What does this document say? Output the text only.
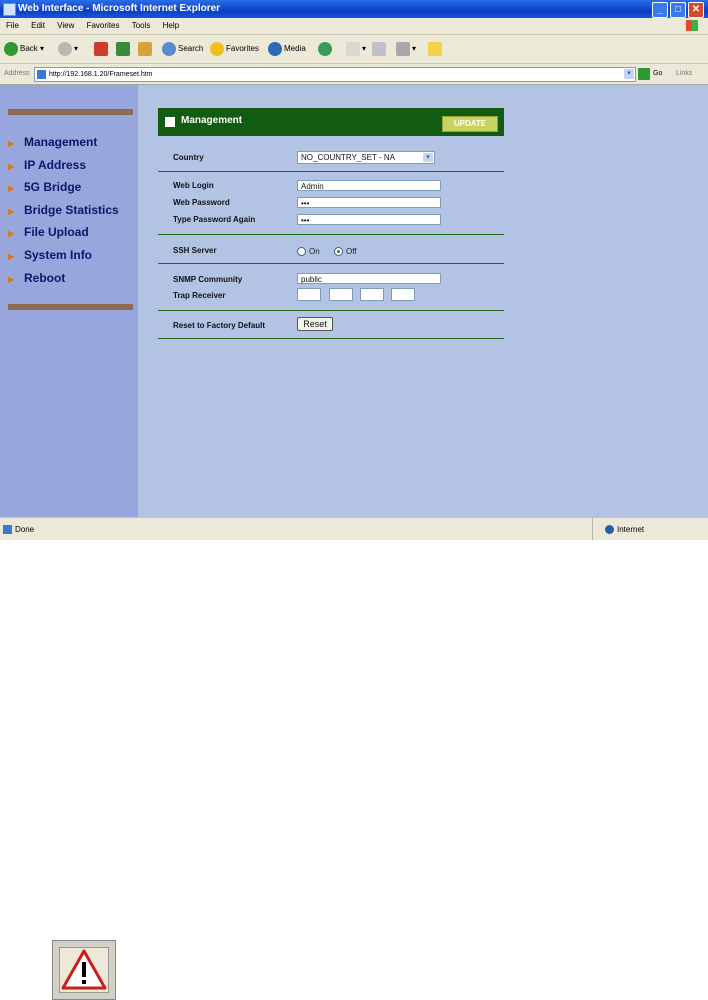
Web Interface - Microsoft Internet Explorer	_	□	✕
File Edit View Favorites Tools Help
Back ▾	▾	Search	Favorites	Media	▾	▾
Address	http://192.168.1.20/Frameset.htm	▾	Go Links
▶ Management
▶ IP Address
▶ 5G Bridge
▶ Bridge Statistics
▶ File Upload
▶ System Info
▶ Reboot
Management	UPDATE
Country	NO_COUNTRY_SET - NA	▾
Web Login	Admin
Web Password	•••
Type Password Again	•••
SSH Server	On	Off
SNMP Community	public
Trap Receiver
Reset to Factory Default	Reset
Done	Internet
